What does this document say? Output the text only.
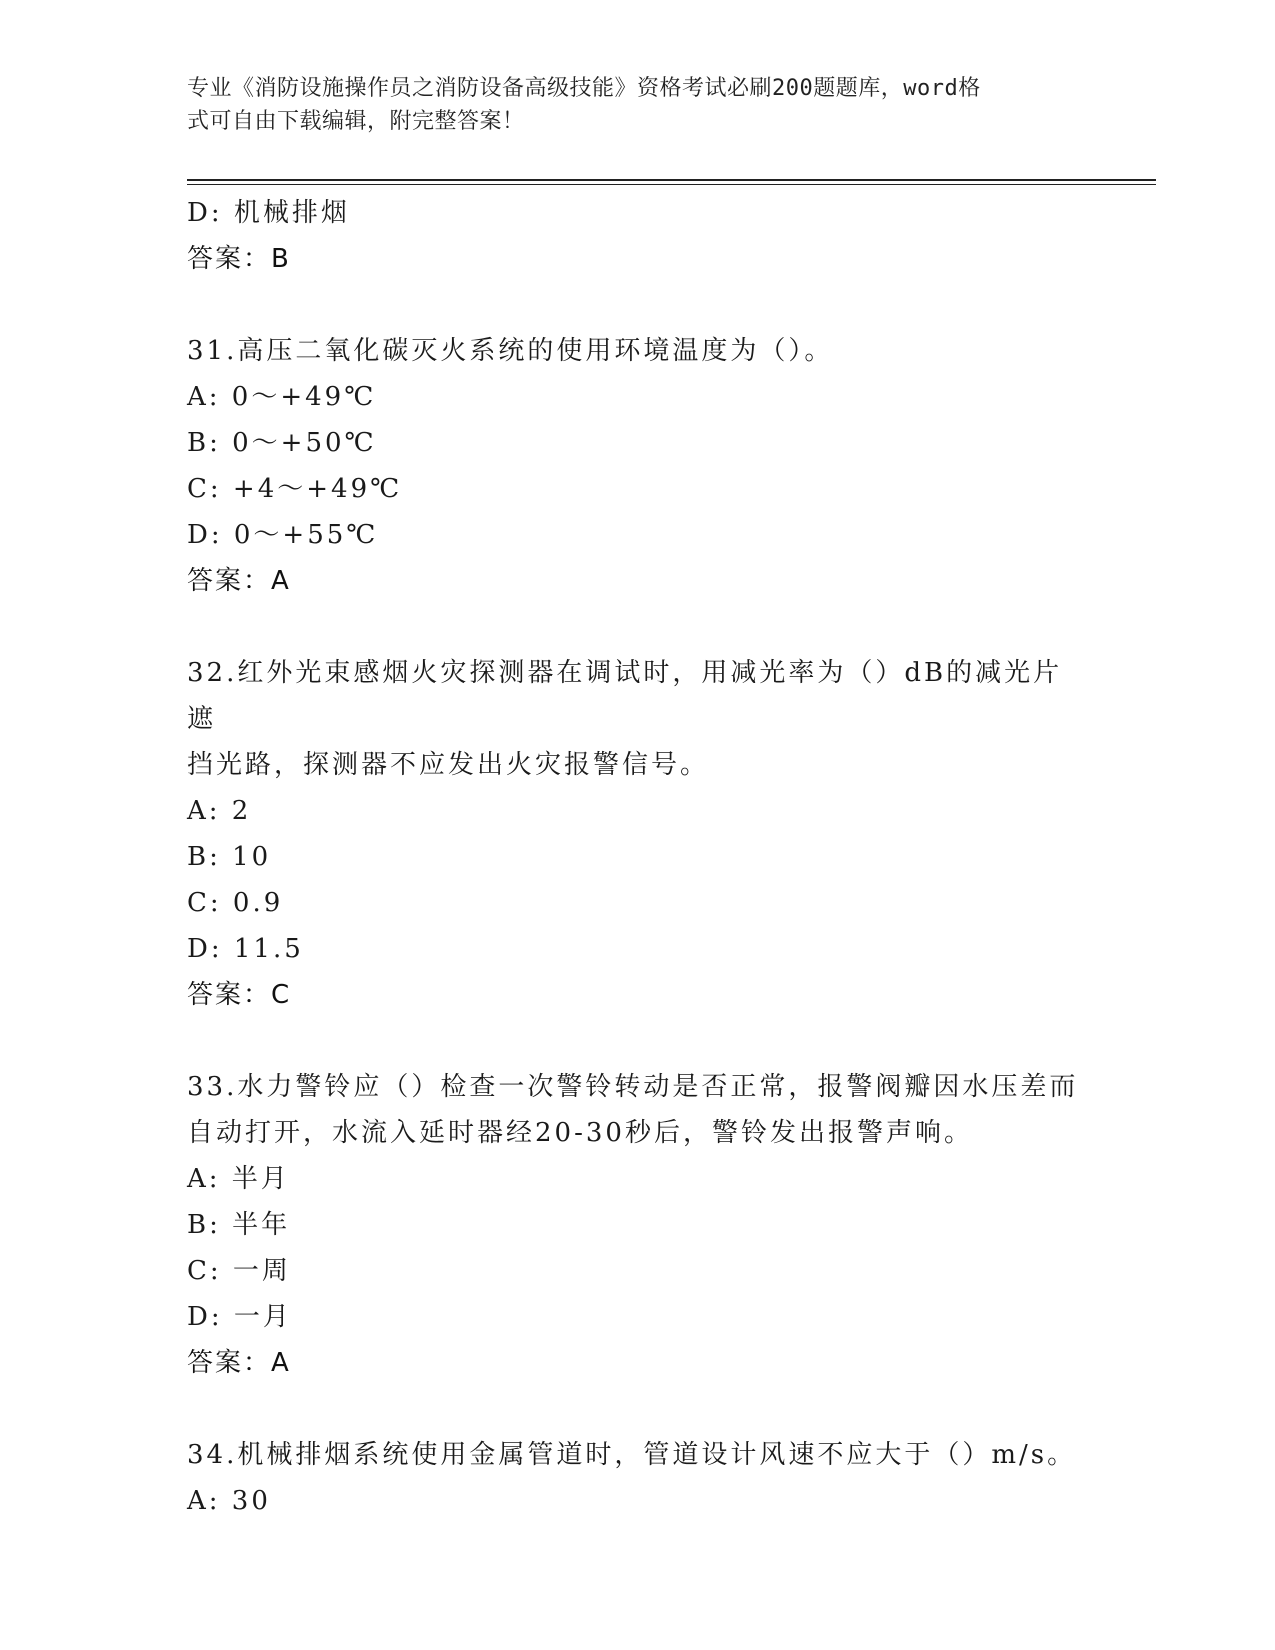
专业《消防设施操作员之消防设备高级技能》资格考试必刷200题题库，word格
式可自由下载编辑，附完整答案！
D: 机械排烟
答案：B
31.高压二氧化碳灭火系统的使用环境温度为（）。
A: 0～+49℃
B: 0～+50℃
C: +4～+49℃
D: 0～+55℃
答案：A
32.红外光束感烟火灾探测器在调试时，用减光率为（）dB的减光片遮
挡光路，探测器不应发出火灾报警信号。
A: 2
B: 10
C: 0.9
D: 11.5
答案：C
33.水力警铃应（）检查一次警铃转动是否正常，报警阀瓣因水压差而
自动打开，水流入延时器经20-30秒后，警铃发出报警声响。
A: 半月
B: 半年
C: 一周
D: 一月
答案：A
34.机械排烟系统使用金属管道时，管道设计风速不应大于（）m/s。
A: 30
